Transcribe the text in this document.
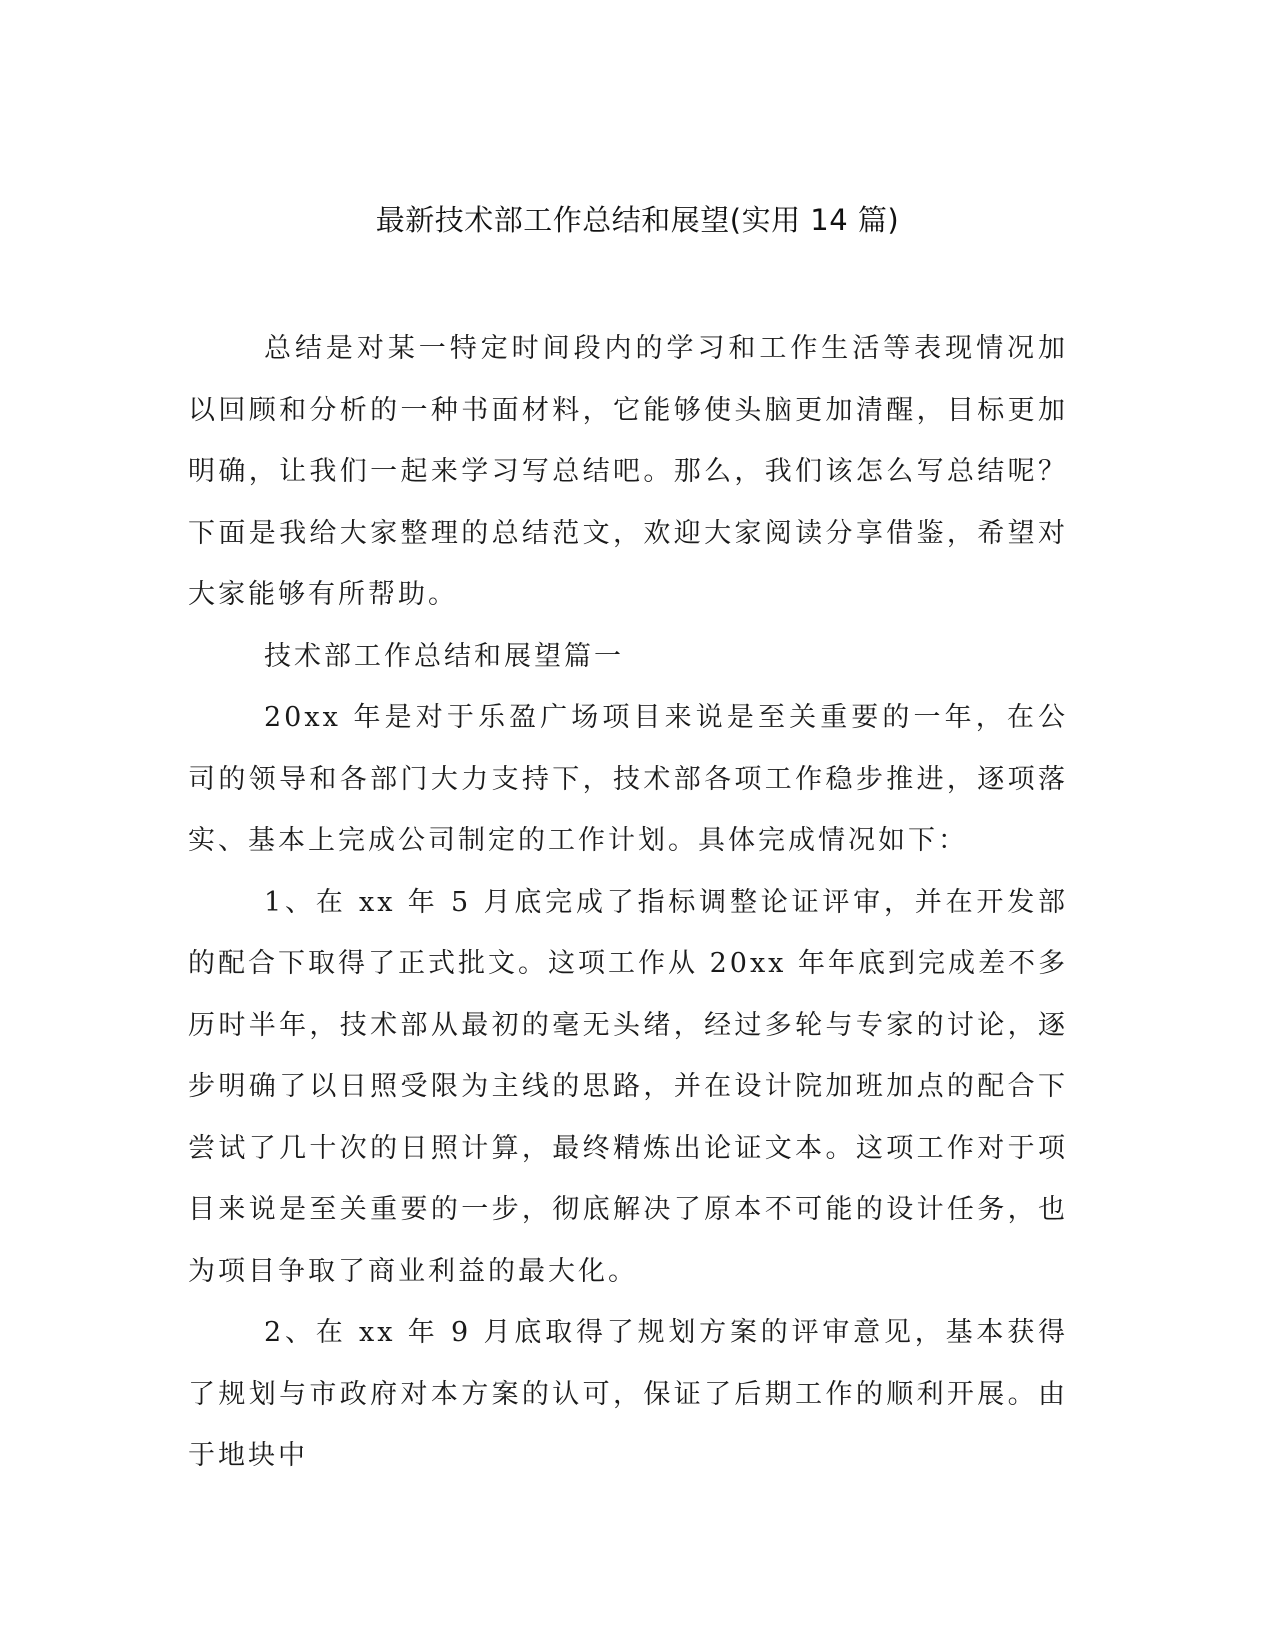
最新技术部工作总结和展望(实用 14 篇)

总结是对某一特定时间段内的学习和工作生活等表现情况加以回顾和分析的一种书面材料，它能够使头脑更加清醒，目标更加明确，让我们一起来学习写总结吧。那么，我们该怎么写总结呢？下面是我给大家整理的总结范文，欢迎大家阅读分享借鉴，希望对大家能够有所帮助。

技术部工作总结和展望篇一

20xx 年是对于乐盈广场项目来说是至关重要的一年，在公司的领导和各部门大力支持下，技术部各项工作稳步推进，逐项落实、基本上完成公司制定的工作计划。具体完成情况如下：

1、在 xx 年 5 月底完成了指标调整论证评审，并在开发部的配合下取得了正式批文。这项工作从 20xx 年年底到完成差不多历时半年，技术部从最初的毫无头绪，经过多轮与专家的讨论，逐步明确了以日照受限为主线的思路，并在设计院加班加点的配合下尝试了几十次的日照计算，最终精炼出论证文本。这项工作对于项目来说是至关重要的一步，彻底解决了原本不可能的设计任务，也为项目争取了商业利益的最大化。

2、在 xx 年 9 月底取得了规划方案的评审意见，基本获得了规划与市政府对本方案的认可，保证了后期工作的顺利开展。由于地块中
